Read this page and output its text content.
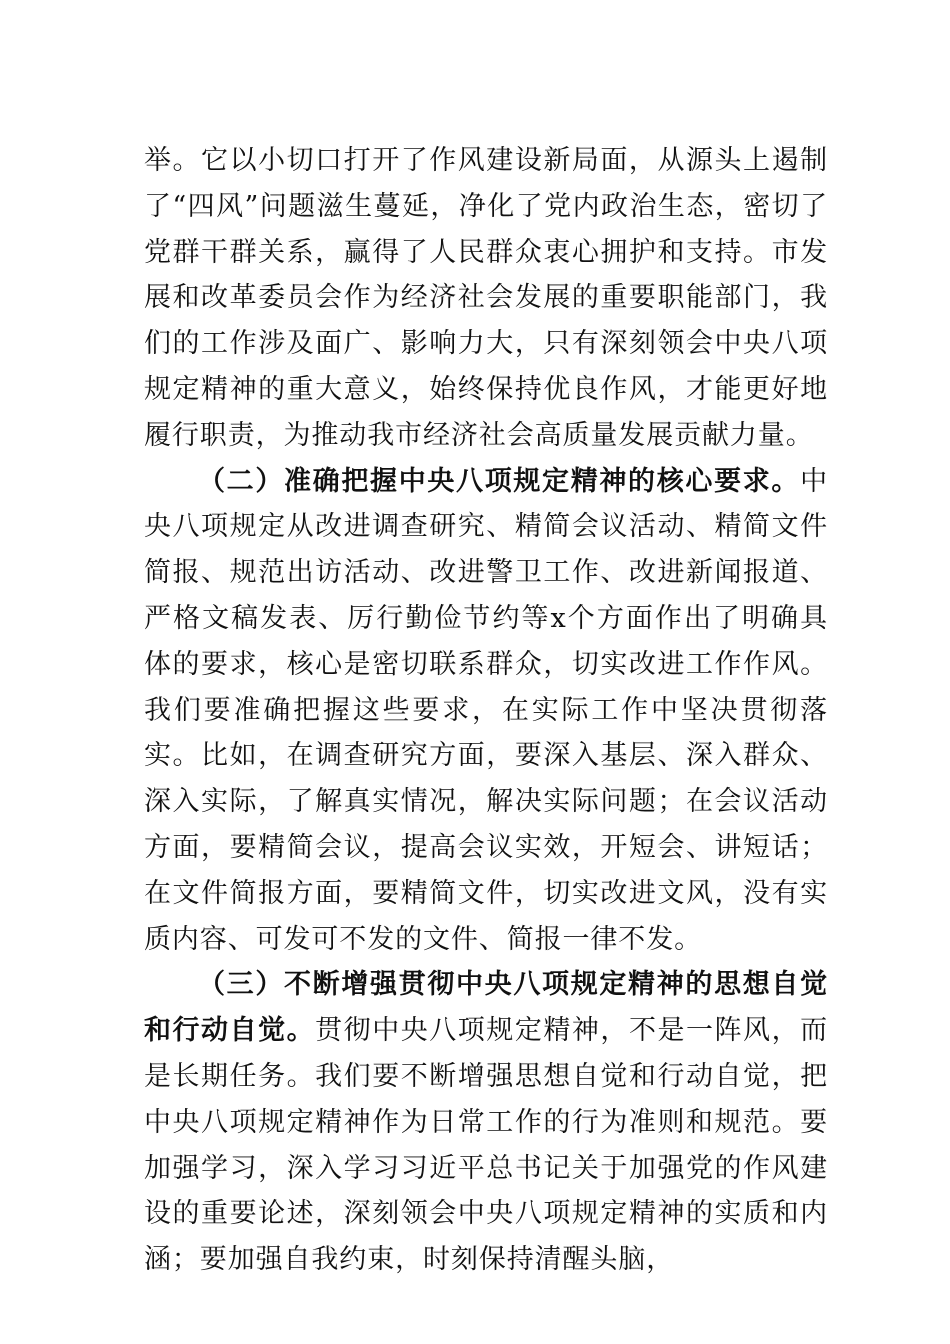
举。它以小切口打开了作风建设新局面，从源头上遏制了“四风”问题滋生蔓延，净化了党内政治生态，密切了党群干群关系，赢得了人民群众衷心拥护和支持。市发展和改革委员会作为经济社会发展的重要职能部门，我们的工作涉及面广、影响力大，只有深刻领会中央八项规定精神的重大意义，始终保持优良作风，才能更好地履行职责，为推动我市经济社会高质量发展贡献力量。

（二）准确把握中央八项规定精神的核心要求。中央八项规定从改进调查研究、精简会议活动、精简文件简报、规范出访活动、改进警卫工作、改进新闻报道、严格文稿发表、厉行勤俭节约等x个方面作出了明确具体的要求，核心是密切联系群众，切实改进工作作风。我们要准确把握这些要求，在实际工作中坚决贯彻落实。比如，在调查研究方面，要深入基层、深入群众、深入实际，了解真实情况，解决实际问题；在会议活动方面，要精简会议，提高会议实效，开短会、讲短话；在文件简报方面，要精简文件，切实改进文风，没有实质内容、可发可不发的文件、简报一律不发。

（三）不断增强贯彻中央八项规定精神的思想自觉和行动自觉。贯彻中央八项规定精神，不是一阵风，而是长期任务。我们要不断增强思想自觉和行动自觉，把中央八项规定精神作为日常工作的行为准则和规范。要加强学习，深入学习习近平总书记关于加强党的作风建设的重要论述，深刻领会中央八项规定精神的实质和内涵；要加强自我约束，时刻保持清醒头脑，
